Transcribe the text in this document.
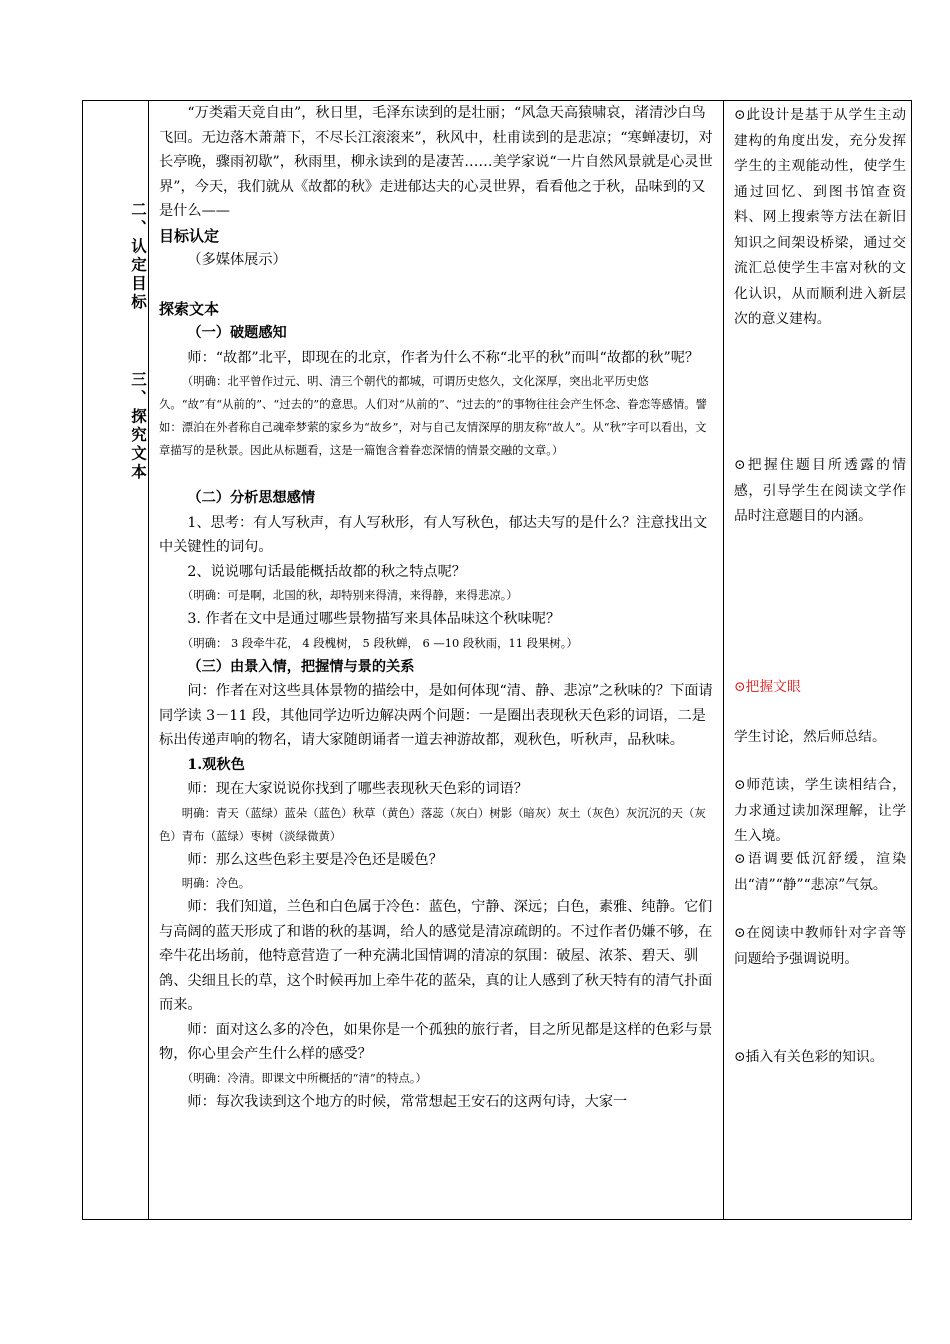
二、认定目标
三、探究文本

“万类霜天竞自由”，秋日里，毛泽东读到的是壮丽；“风急天高猿啸哀，渚清沙白鸟飞回。无边落木萧萧下，不尽长江滚滚来”，秋风中，杜甫读到的是悲凉；“寒蝉凄切，对长亭晚，骤雨初歇”，秋雨里，柳永读到的是凄苦……美学家说“一片自然风景就是心灵世界”，今天，我们就从《故都的秋》走进郁达夫的心灵世界，看看他之于秋，品味到的又是什么——

目标认定

（多媒体展示）

探索文本

（一）破题感知

师：“故都”北平，即现在的北京，作者为什么不称“北平的秋”而叫“故都的秋”呢？

（明确：北平曾作过元、明、清三个朝代的都城，可谓历史悠久，文化深厚，突出北平历史悠久。“故”有“从前的”、“过去的”的意思。人们对“从前的”、“过去的”的事物往往会产生怀念、眷恋等感情。譬如：漂泊在外者称自己魂牵梦萦的家乡为“故乡”，对与自己友情深厚的朋友称“故人”。从“秋”字可以看出，文章描写的是秋景。因此从标题看，这是一篇饱含着眷恋深情的情景交融的文章。）

（二）分析思想感情

1、思考：有人写秋声，有人写秋形，有人写秋色，郁达夫写的是什么？注意找出文中关键性的词句。

2、说说哪句话最能概括故都的秋之特点呢？

（明确：可是啊，北国的秋，却特别来得清，来得静，来得悲凉。）

3. 作者在文中是通过哪些景物描写来具体品味这个秋味呢？

（明确： 3 段牵牛花， 4 段槐树， 5 段秋蝉， 6 —10 段秋雨，11 段果树。）

（三）由景入情，把握情与景的关系

问：作者在对这些具体景物的描绘中，是如何体现“清、静、悲凉”之秋味的？下面请同学读 3－11 段，其他同学边听边解决两个问题：一是圈出表现秋天色彩的词语，二是标出传递声响的物名，请大家随朗诵者一道去神游故都，观秋色，听秋声，品秋味。

1.观秋色

师：现在大家说说你找到了哪些表现秋天色彩的词语？

明确：青天（蓝绿）蓝朵（蓝色）秋草（黄色）落蕊（灰白）树影（暗灰）灰土（灰色）灰沉沉的天（灰色）青布（蓝绿）枣树（淡绿微黄）

师：那么这些色彩主要是冷色还是暖色？

明确：冷色。

师：我们知道，兰色和白色属于冷色：蓝色，宁静、深远；白色，素雅、纯静。它们与高阔的蓝天形成了和谐的秋的基调，给人的感觉是清凉疏朗的。不过作者仍嫌不够，在牵牛花出场前，他特意营造了一种充满北国情调的清凉的氛围：破屋、浓茶、碧天、驯鸽、尖细且长的草，这个时候再加上牵牛花的蓝朵，真的让人感到了秋天特有的清气扑面而来。

师：面对这么多的冷色，如果你是一个孤独的旅行者，目之所见都是这样的色彩与景物，你心里会产生什么样的感受？

（明确：冷清。即课文中所概括的“清”的特点。）

师：每次我读到这个地方的时候，常常想起王安石的这两句诗，大家一

⊙此设计是基于从学生主动建构的角度出发，充分发挥学生的主观能动性，使学生通过回忆、到图书馆查资料、网上搜索等方法在新旧知识之间架设桥梁，通过交流汇总使学生丰富对秋的文化认识，从而顺利进入新层次的意义建构。
⊙把握住题目所透露的情感，引导学生在阅读文学作品时注意题目的内涵。
⊙把握文眼
学生讨论，然后师总结。
⊙师范读，学生读相结合，力求通过读加深理解，让学生入境。
⊙语调要低沉舒缓，渲染出“清”“静”“悲凉”气氛。
⊙在阅读中教师针对字音等问题给予强调说明。
⊙插入有关色彩的知识。
